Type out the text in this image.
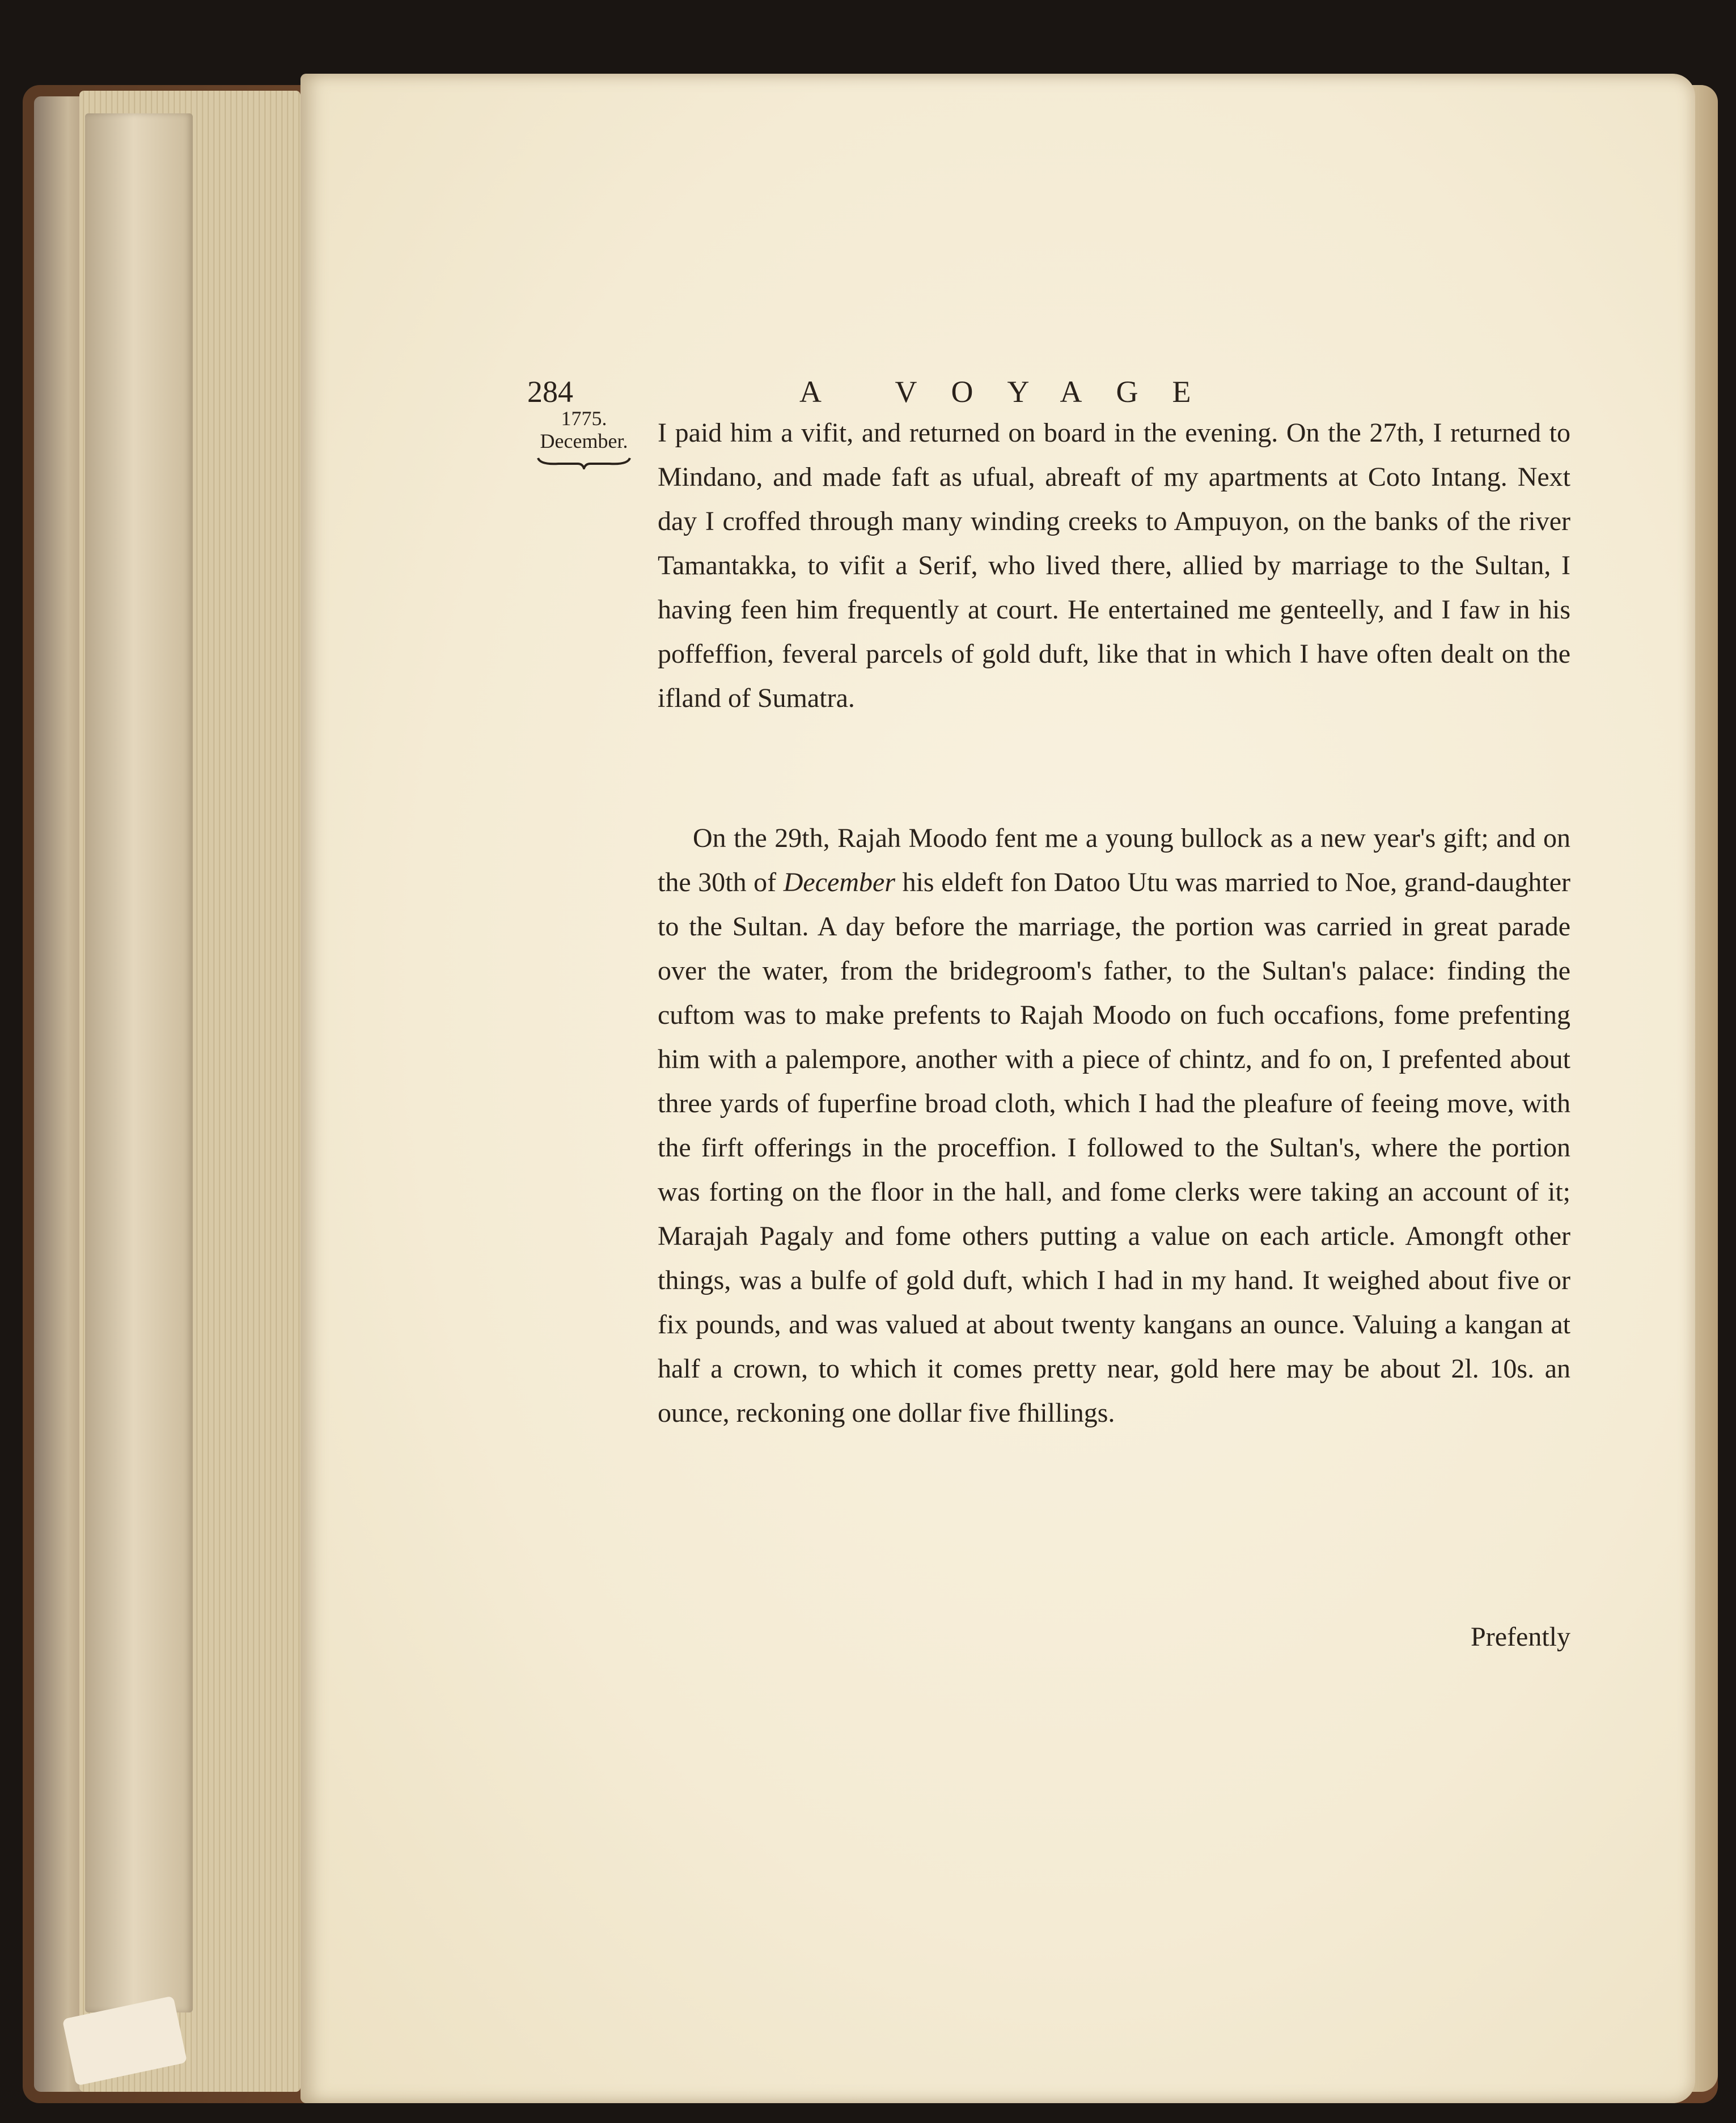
284	A VOYAGE
1775.
December.	I paid him a vifit, and returned on board in the evening. On the 27th, I returned to Mindano, and made faft as ufual, abreaft of my apartments at Coto Intang. Next day I croffed through many winding creeks to Ampuyon, on the banks of the river Tamantakka, to vifit a Serif, who lived there, allied by marriage to the Sultan, I having feen him frequently at court. He entertained me genteelly, and I faw in his poffeffion, feveral parcels of gold duft, like that in which I have often dealt on the ifland of Sumatra.
On the 29th, Rajah Moodo fent me a young bullock as a new year's gift; and on the 30th of December his eldeft fon Datoo Utu was married to Noe, grand-daughter to the Sultan. A day before the marriage, the portion was carried in great parade over the water, from the bridegroom's father, to the Sultan's palace: finding the cuftom was to make prefents to Rajah Moodo on fuch occafions, fome prefenting him with a palempore, another with a piece of chintz, and fo on, I prefented about three yards of fuperfine broad cloth, which I had the pleafure of feeing move, with the firft offerings in the proceffion. I followed to the Sultan's, where the portion was forting on the floor in the hall, and fome clerks were taking an account of it; Marajah Pagaly and fome others putting a value on each article. Amongft other things, was a bulfe of gold duft, which I had in my hand. It weighed about five or fix pounds, and was valued at about twenty kangans an ounce. Valuing a kangan at half a crown, to which it comes pretty near, gold here may be about 2l. 10s. an ounce, reckoning one dollar five fhillings.
Prefently
